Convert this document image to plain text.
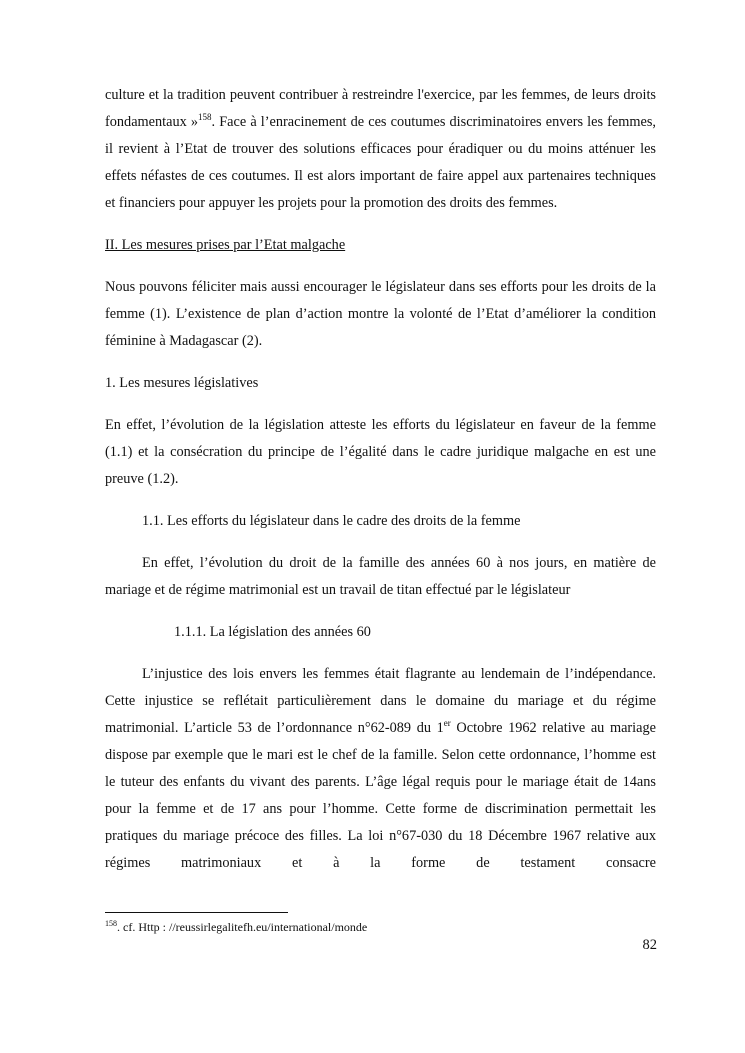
culture et la tradition peuvent contribuer à restreindre l'exercice, par les femmes, de leurs droits fondamentaux »$^{158}$. Face à l’enracinement de ces coutumes discriminatoires envers les femmes, il revient à l’Etat de trouver des solutions efficaces pour éradiquer ou du moins atténuer les effets néfastes de ces coutumes. Il est alors important de faire appel aux partenaires techniques et financiers pour appuyer les projets pour la promotion des droits des femmes.

II. Les mesures prises par l’Etat malgache

Nous pouvons féliciter mais aussi encourager le législateur dans ses efforts pour les droits de la femme (1). L’existence de plan d’action montre la volonté de l’Etat d’améliorer la condition féminine à Madagascar (2).

1. Les mesures législatives

En effet, l’évolution de la législation atteste les efforts du législateur en faveur de la femme (1.1) et la consécration du principe de l’égalité dans le cadre juridique malgache en est une preuve (1.2).

1.1. Les efforts du législateur dans le cadre des droits de la femme

En effet, l’évolution du droit de la famille des années 60 à nos jours, en matière de mariage et de régime matrimonial est un travail de titan effectué par le législateur

1.1.1. La législation des années 60

L’injustice des lois envers les femmes était flagrante au lendemain de l’indépendance. Cette injustice se reflétait particulièrement dans le domaine du mariage et du régime matrimonial. L’article 53 de l’ordonnance n°62-089 du 1er Octobre 1962 relative au mariage dispose par exemple que le mari est le chef de la famille. Selon cette ordonnance, l’homme est le tuteur des enfants du vivant des parents. L’âge légal requis pour le mariage était de 14ans pour la femme et de 17 ans pour l’homme. Cette forme de discrimination permettait les pratiques du mariage précoce des filles. La loi n°67-030 du 18 Décembre 1967 relative aux régimes matrimoniaux et à la forme de testament consacre

$^{158}$. cf. Http : //reussirlegalitefh.eu/international/monde
82
